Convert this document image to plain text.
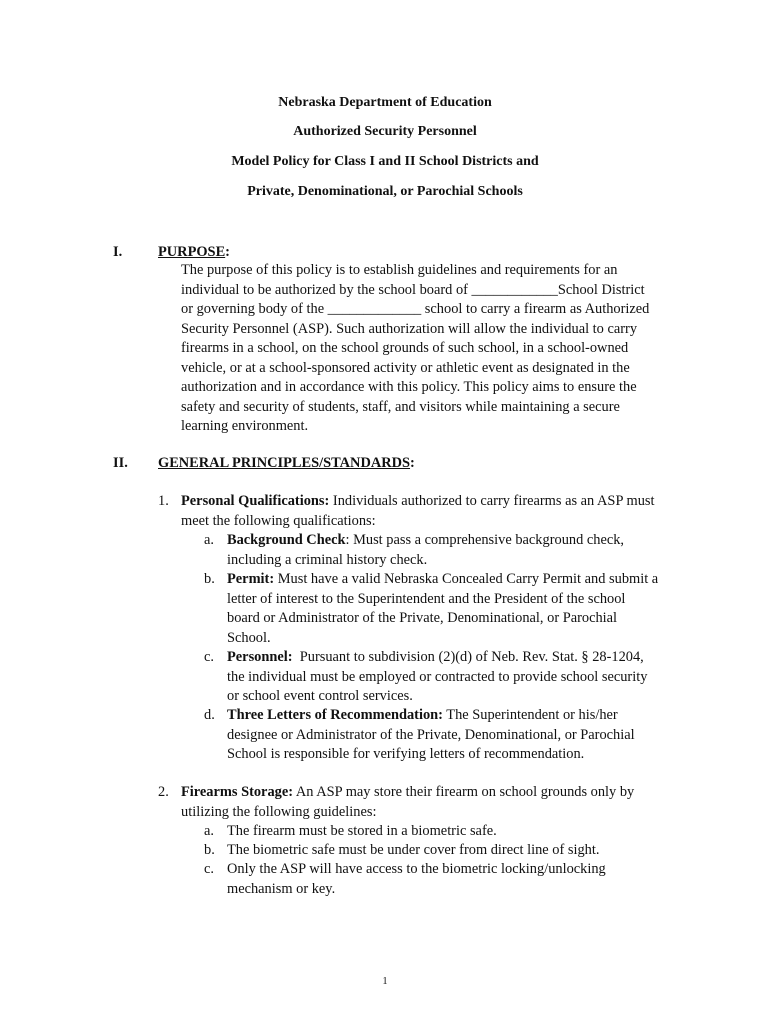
Nebraska Department of Education
Authorized Security Personnel
Model Policy for Class I and II School Districts and
Private, Denominational, or Parochial Schools
I. PURPOSE:
The purpose of this policy is to establish guidelines and requirements for an
individual to be authorized by the school board of ____________School District
or governing body of the _____________ school to carry a firearm as Authorized
Security Personnel (ASP). Such authorization will allow the individual to carry
firearms in a school, on the school grounds of such school, in a school-owned
vehicle, or at a school-sponsored activity or athletic event as designated in the
authorization and in accordance with this policy. This policy aims to ensure the
safety and security of students, staff, and visitors while maintaining a secure
learning environment.
II. GENERAL PRINCIPLES/STANDARDS:
1. Personal Qualifications: Individuals authorized to carry firearms as an ASP must
meet the following qualifications:
a. Background Check: Must pass a comprehensive background check,
including a criminal history check.
b. Permit: Must have a valid Nebraska Concealed Carry Permit and submit a
letter of interest to the Superintendent and the President of the school
board or Administrator of the Private, Denominational, or Parochial
School.
c. Personnel:  Pursuant to subdivision (2)(d) of Neb. Rev. Stat. § 28-1204,
the individual must be employed or contracted to provide school security
or school event control services.
d. Three Letters of Recommendation: The Superintendent or his/her
designee or Administrator of the Private, Denominational, or Parochial
School is responsible for verifying letters of recommendation.
2. Firearms Storage: An ASP may store their firearm on school grounds only by
utilizing the following guidelines:
a. The firearm must be stored in a biometric safe.
b. The biometric safe must be under cover from direct line of sight.
c. Only the ASP will have access to the biometric locking/unlocking
mechanism or key.
1
